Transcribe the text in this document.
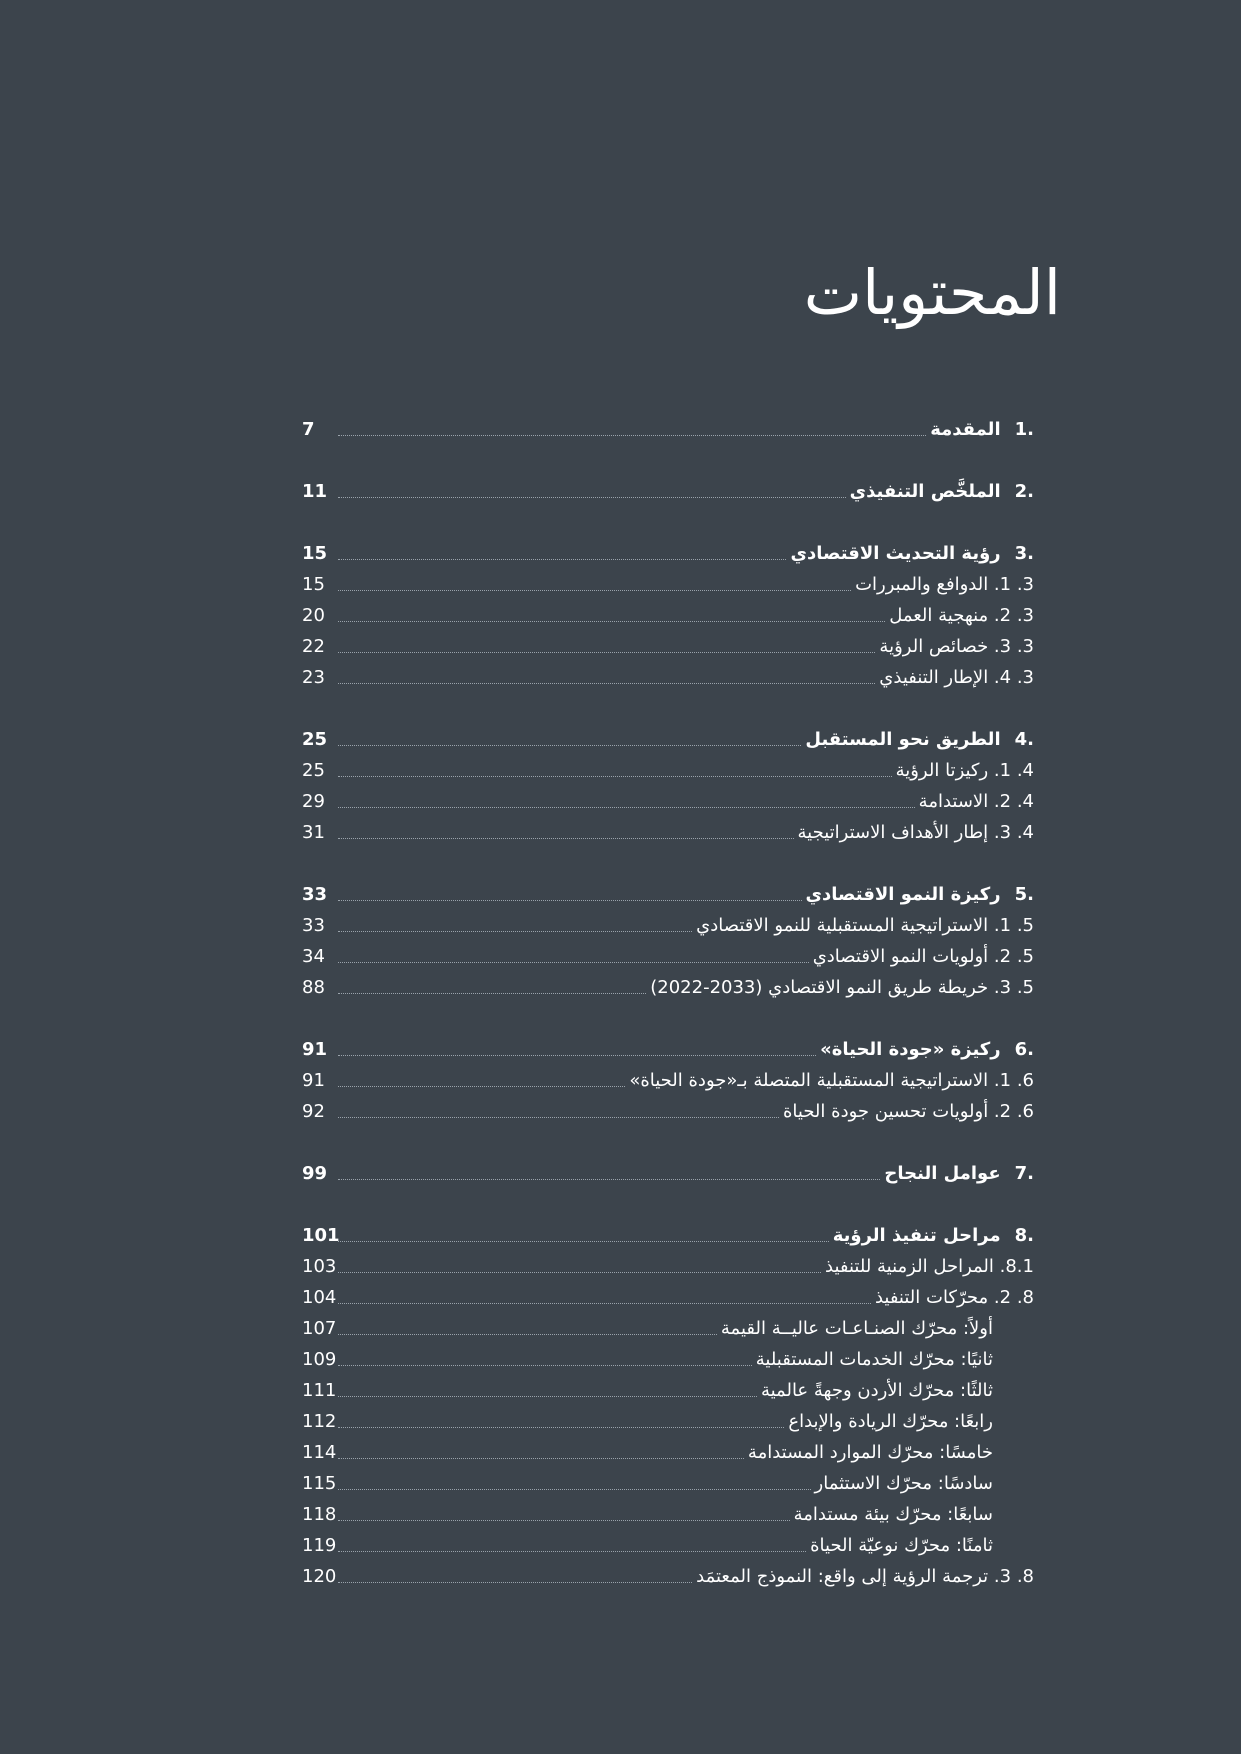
المحتويات
7	1.المقدمة
11	2.الملخَّص التنفيذي
15	3.رؤية التحديث الاقتصادي
15	3. 1. الدوافع والمبررات
20	3. 2. منهجية العمل
22	3. 3. خصائص الرؤية
23	3. 4. الإطار التنفيذي
25	4.الطريق نحو المستقبل
25	4. 1. ركيزتا الرؤية
29	4. 2. الاستدامة
31	4. 3. إطار الأهداف الاستراتيجية
33	5.ركيزة النمو الاقتصادي
33	5. 1. الاستراتيجية المستقبلية للنمو الاقتصادي
34	5. 2. أولويات النمو الاقتصادي
88	5. 3. خريطة طريق النمو الاقتصادي (2033-2022)
91	6.ركيزة «جودة الحياة»
91	6. 1. الاستراتيجية المستقبلية المتصلة بـ«جودة الحياة»
92	6. 2. أولويات تحسين جودة الحياة
99	7.عوامل النجاح
101	8.مراحل تنفيذ الرؤية
103	8.1. المراحل الزمنية للتنفيذ
104	8. 2. محرّكات التنفيذ
107	أولاً: محرّك الصنـاعـات عاليــة القيمة
109	ثانيًا: محرّك الخدمات المستقبلية
111	ثالثًا: محرّك الأردن وجهةً عالمية
112	رابعًا: محرّك الريادة والإبداع
114	خامسًا: محرّك الموارد المستدامة
115	سادسًا: محرّك الاستثمار
118	سابعًا: محرّك بيئة مستدامة
119	ثامنًا: محرّك نوعيّة الحياة
120	8. 3. ترجمة الرؤية إلى واقع: النموذج المعتمَد
